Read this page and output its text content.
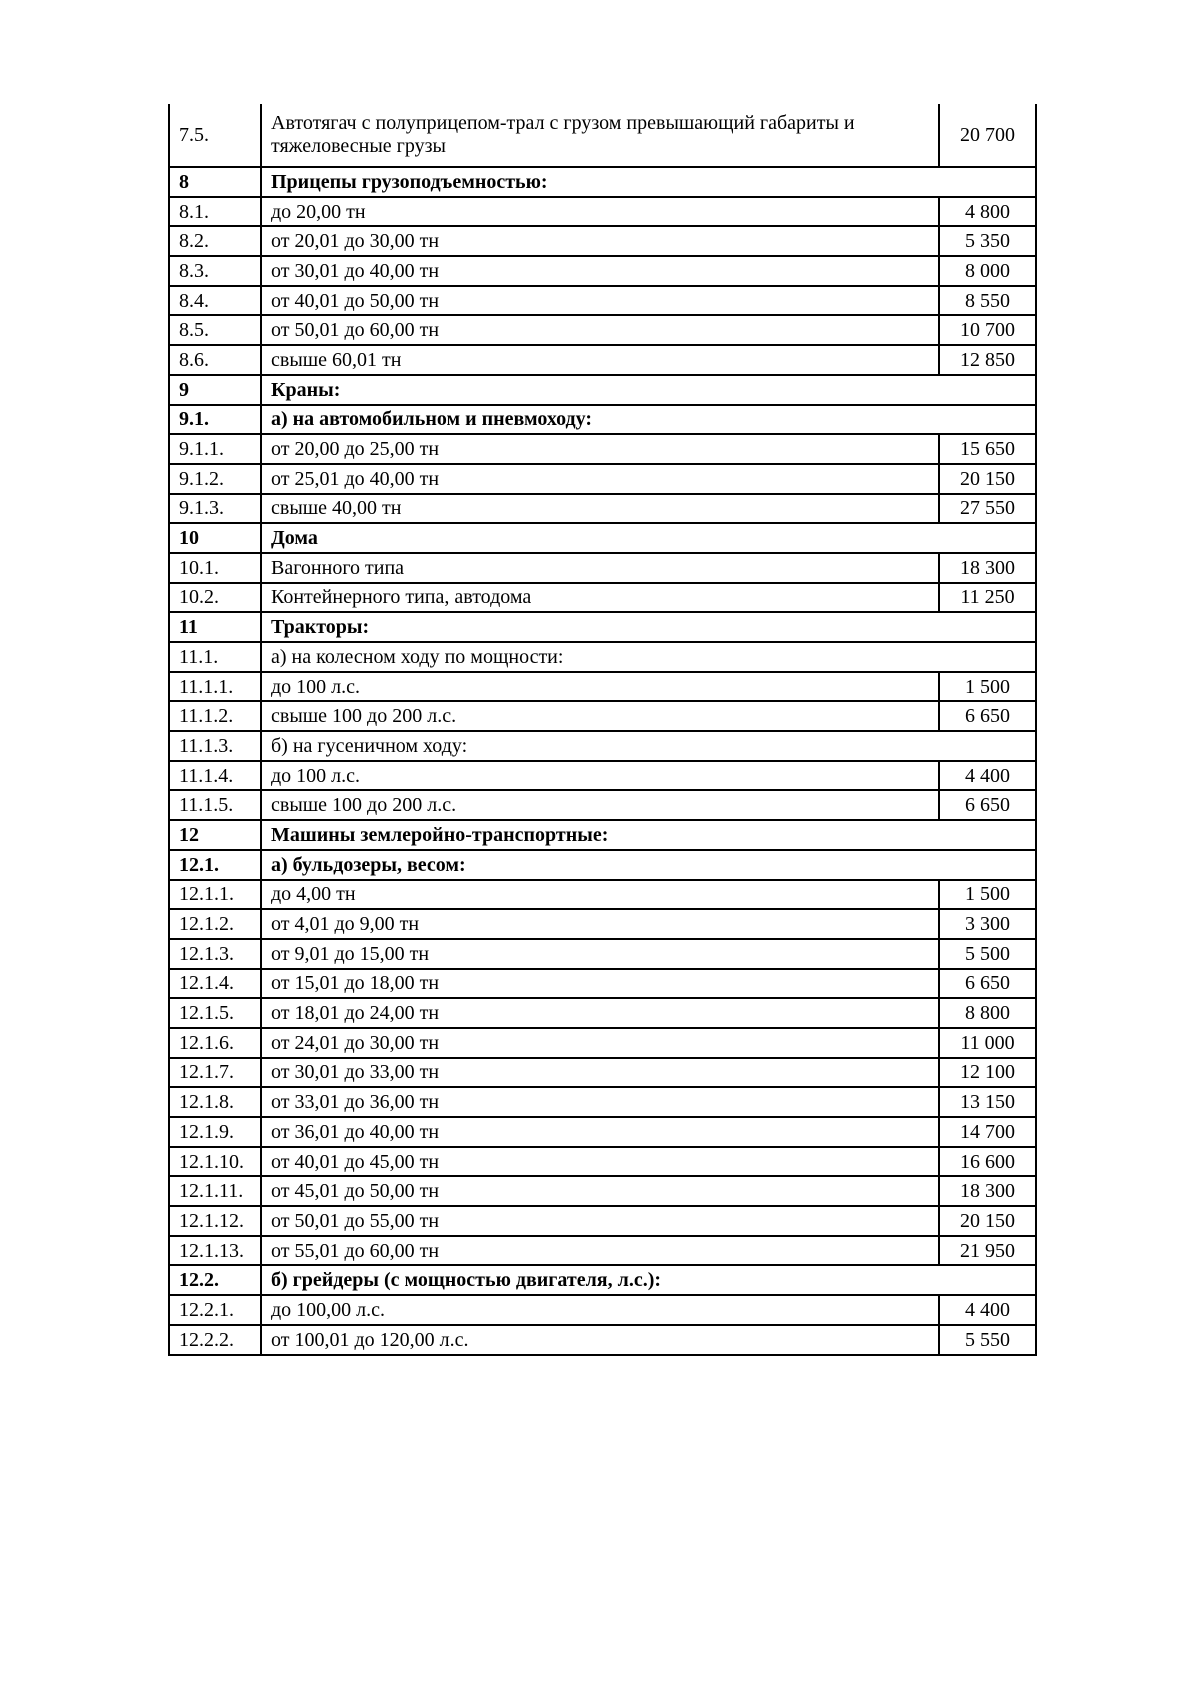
7.5.	Автотягач с полуприцепом-трал с грузом превышающий габариты и тяжеловесные грузы	20 700
8	Прицепы грузоподъемностью:	
8.1.	до 20,00 тн	4 800
8.2.	от 20,01 до 30,00 тн	5 350
8.3.	от 30,01 до 40,00 тн	8 000
8.4.	от 40,01 до 50,00 тн	8 550
8.5.	от 50,01 до 60,00 тн	10 700
8.6.	свыше 60,01 тн	12 850
9	Краны:	
9.1.	а) на автомобильном и пневмоходу:	
9.1.1.	от 20,00 до 25,00 тн	15 650
9.1.2.	от 25,01 до 40,00 тн	20 150
9.1.3.	свыше 40,00 тн	27 550
10	Дома	
10.1.	Вагонного типа	18 300
10.2.	Контейнерного типа, автодома	11 250
11	Тракторы:	
11.1.	а) на колесном ходу по мощности:	
11.1.1.	до 100 л.с.	1 500
11.1.2.	свыше 100 до 200 л.с.	6 650
11.1.3.	б) на гусеничном ходу:	
11.1.4.	до 100 л.с.	4 400
11.1.5.	свыше 100 до 200 л.с.	6 650
12	Машины землеройно-транспортные:	
12.1.	а) бульдозеры, весом:	
12.1.1.	до 4,00 тн	1 500
12.1.2.	от 4,01 до 9,00 тн	3 300
12.1.3.	от 9,01 до 15,00 тн	5 500
12.1.4.	от 15,01 до 18,00 тн	6 650
12.1.5.	от 18,01 до 24,00 тн	8 800
12.1.6.	от 24,01 до 30,00 тн	11 000
12.1.7.	от 30,01 до 33,00 тн	12 100
12.1.8.	от 33,01 до 36,00 тн	13 150
12.1.9.	от 36,01 до 40,00 тн	14 700
12.1.10.	от 40,01 до 45,00 тн	16 600
12.1.11.	от 45,01 до 50,00 тн	18 300
12.1.12.	от 50,01 до 55,00 тн	20 150
12.1.13.	от 55,01 до 60,00 тн	21 950
12.2.	б) грейдеры (с мощностью двигателя, л.с.):	
12.2.1.	до 100,00 л.с.	4 400
12.2.2.	от 100,01 до 120,00 л.с.	5 550
